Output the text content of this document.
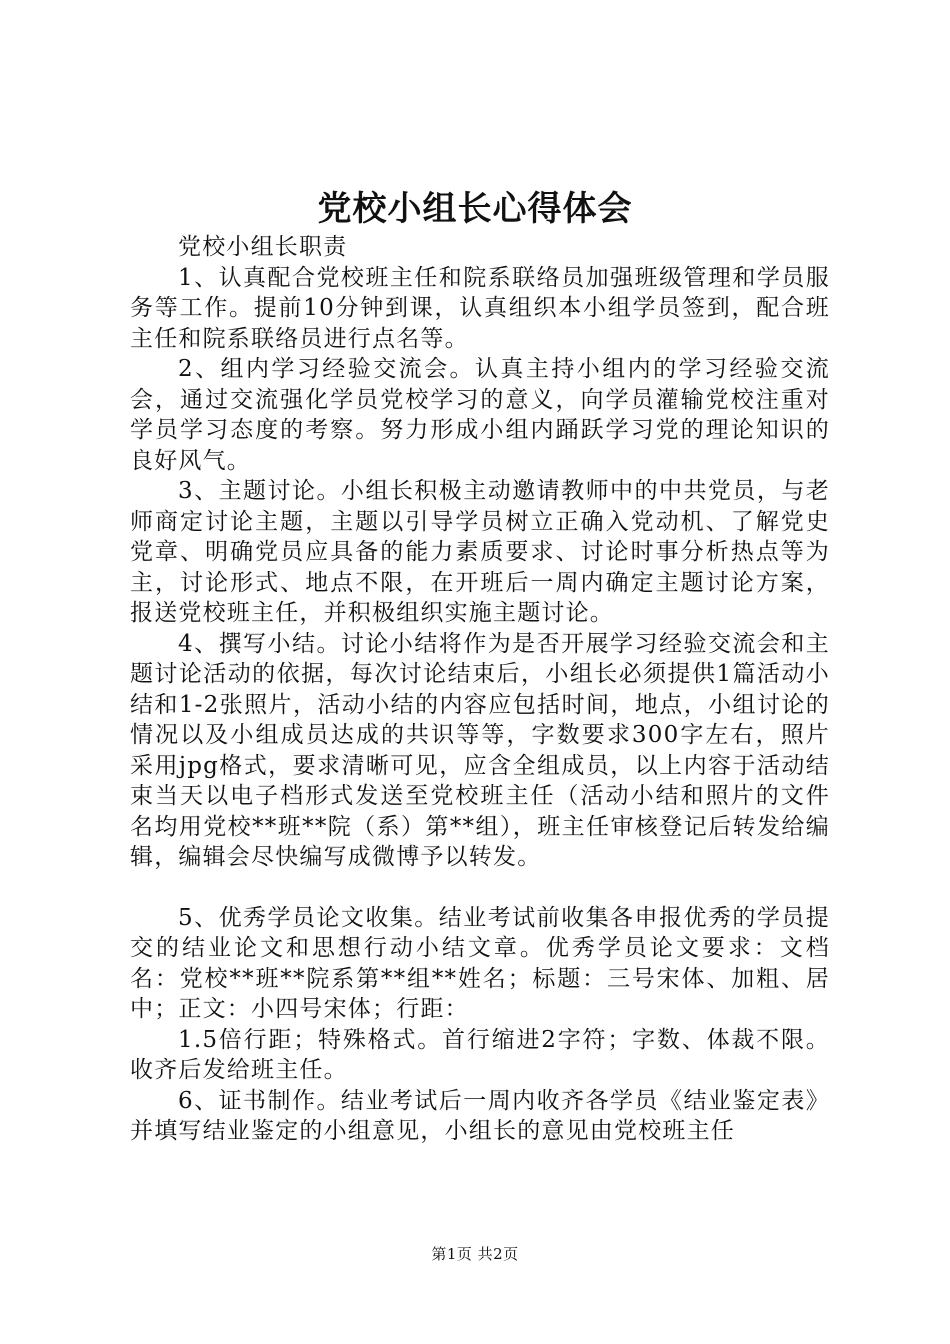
党校小组长心得体会

党校小组长职责

1、认真配合党校班主任和院系联络员加强班级管理和学员服务等工作。提前10分钟到课，认真组织本小组学员签到，配合班主任和院系联络员进行点名等。

2、组内学习经验交流会。认真主持小组内的学习经验交流会，通过交流强化学员党校学习的意义，向学员灌输党校注重对学员学习态度的考察。努力形成小组内踊跃学习党的理论知识的良好风气。

3、主题讨论。小组长积极主动邀请教师中的中共党员，与老师商定讨论主题，主题以引导学员树立正确入党动机、了解党史党章、明确党员应具备的能力素质要求、讨论时事分析热点等为主，讨论形式、地点不限，在开班后一周内确定主题讨论方案，报送党校班主任，并积极组织实施主题讨论。

4、撰写小结。讨论小结将作为是否开展学习经验交流会和主题讨论活动的依据，每次讨论结束后，小组长必须提供1篇活动小结和1-2张照片，活动小结的内容应包括时间，地点，小组讨论的情况以及小组成员达成的共识等等，字数要求300字左右，照片采用jpg格式，要求清晰可见，应含全组成员，以上内容于活动结束当天以电子档形式发送至党校班主任（活动小结和照片的文件名均用党校**班**院（系）第**组），班主任审核登记后转发给编辑，编辑会尽快编写成微博予以转发。

5、优秀学员论文收集。结业考试前收集各申报优秀的学员提交的结业论文和思想行动小结文章。优秀学员论文要求：文档名：党校**班**院系第**组**姓名；标题：三号宋体、加粗、居中；正文：小四号宋体；行距：

1.5倍行距；特殊格式。首行缩进2字符；字数、体裁不限。收齐后发给班主任。

6、证书制作。结业考试后一周内收齐各学员《结业鉴定表》并填写结业鉴定的小组意见，小组长的意见由党校班主任

第1页 共2页
